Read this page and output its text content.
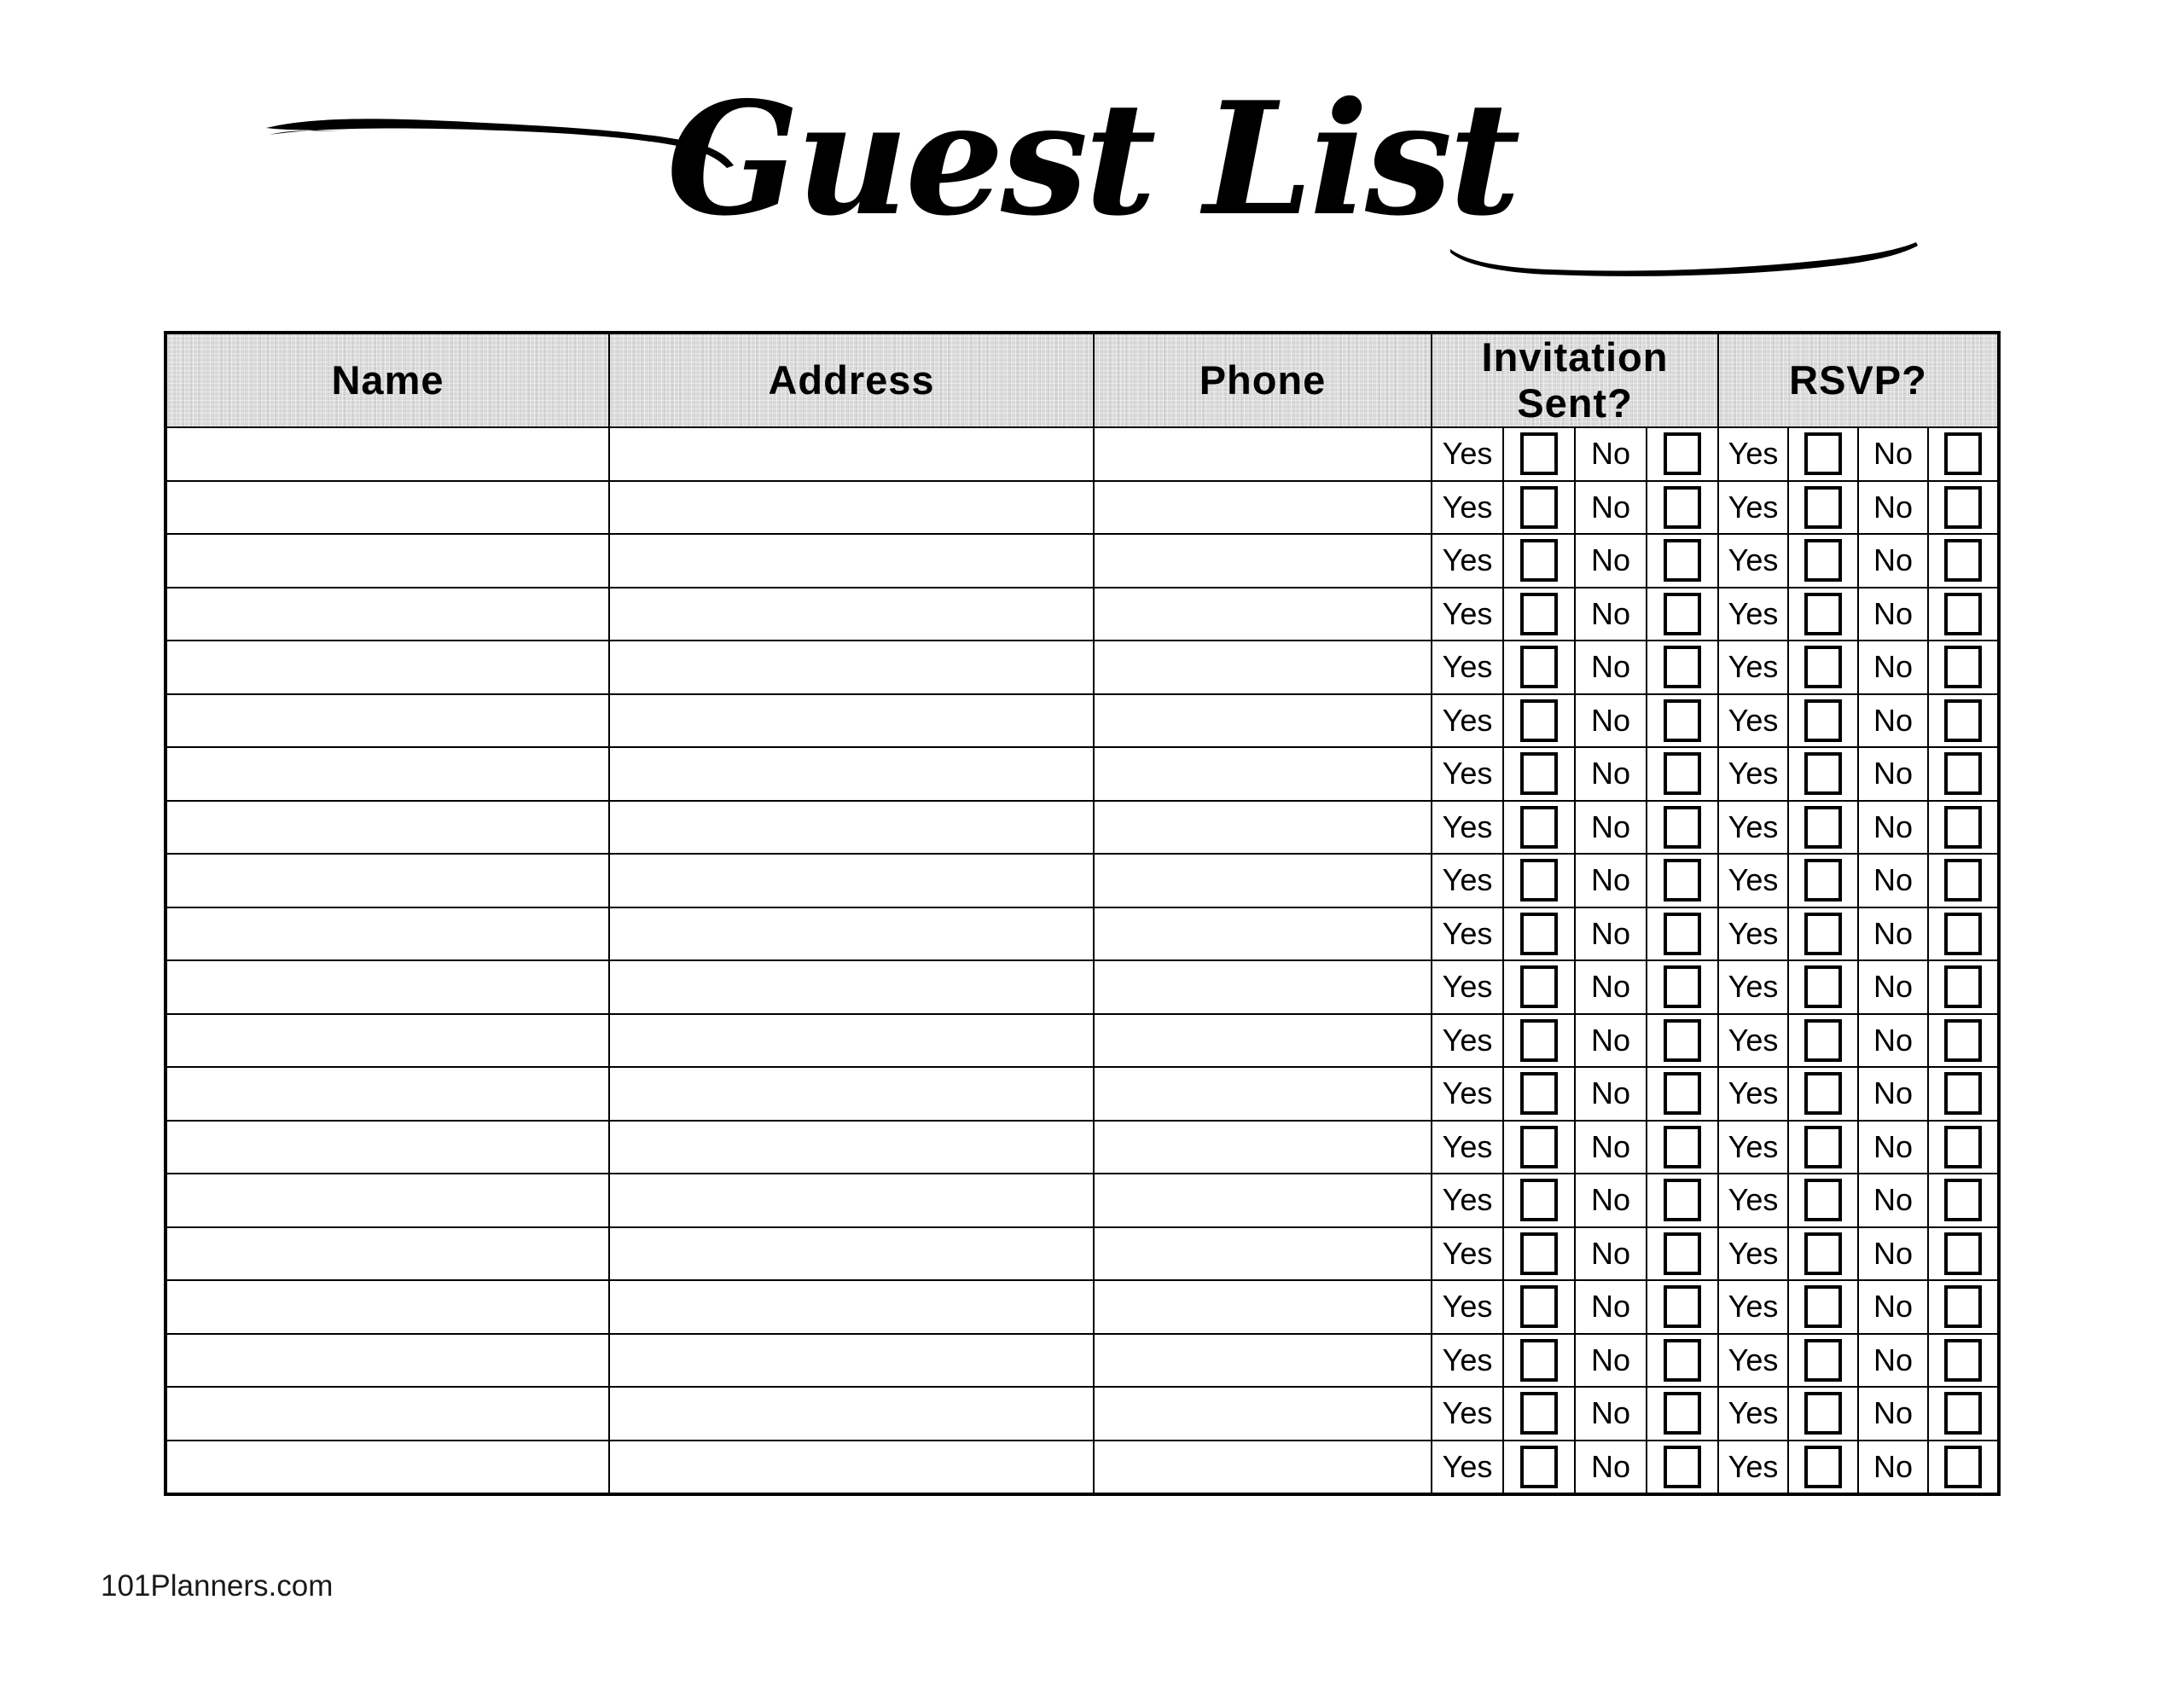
Guest List
Name	Address	Phone	Invitation Sent?				RSVP?			
			Yes		No		Yes		No	
			Yes		No		Yes		No	
			Yes		No		Yes		No	
			Yes		No		Yes		No	
			Yes		No		Yes		No	
			Yes		No		Yes		No	
			Yes		No		Yes		No	
			Yes		No		Yes		No	
			Yes		No		Yes		No	
			Yes		No		Yes		No	
			Yes		No		Yes		No	
			Yes		No		Yes		No	
			Yes		No		Yes		No	
			Yes		No		Yes		No	
			Yes		No		Yes		No	
			Yes		No		Yes		No	
			Yes		No		Yes		No	
			Yes		No		Yes		No	
			Yes		No		Yes		No	
			Yes		No		Yes		No	
101Planners.com
